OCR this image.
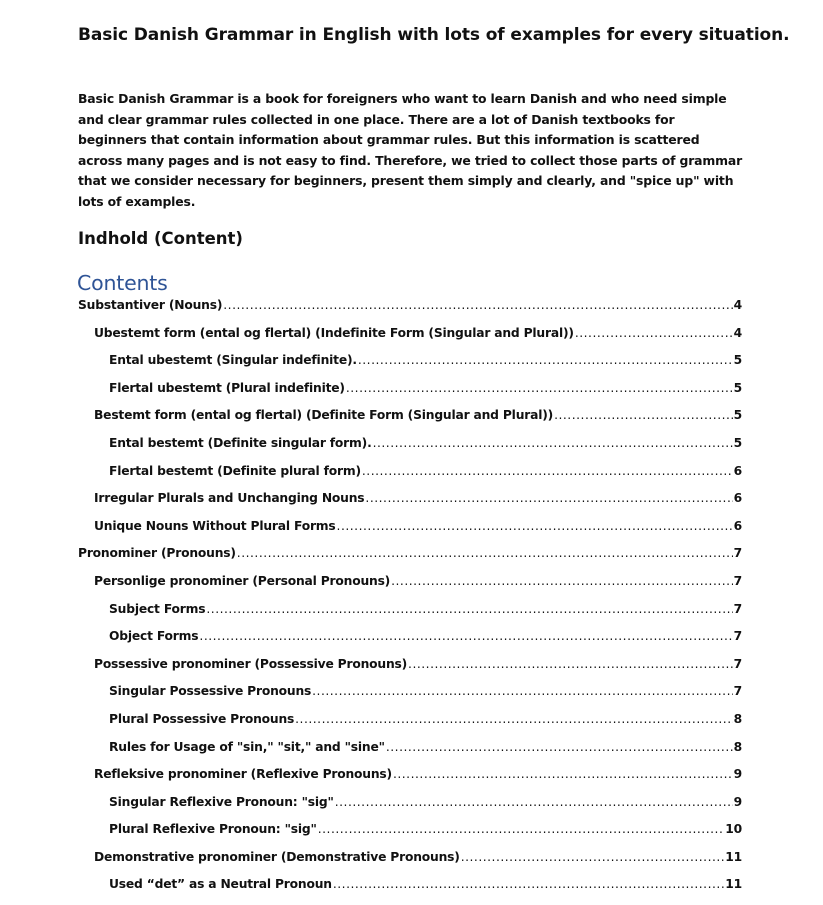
Basic Danish Grammar in English with lots of examples for every situation.
Basic Danish Grammar is a book for foreigners who want to learn Danish and who need simple and clear grammar rules collected in one place. There are a lot of Danish textbooks for beginners that contain information about grammar rules. But this information is scattered across many pages and is not easy to find. Therefore, we tried to collect those parts of grammar that we consider necessary for beginners, present them simply and clearly, and "spice up" with lots of examples.
Indhold (Content)
Contents
Substantiver (Nouns) .....	4
Ubestemt form (ental og flertal) (Indefinite Form (Singular and Plural)) .....	4
Ental ubestemt (Singular indefinite). .....	5
Flertal ubestemt (Plural indefinite) .....	5
Bestemt form (ental og flertal) (Definite Form (Singular and Plural)) .....	5
Ental bestemt (Definite singular form). .....	5
Flertal bestemt (Definite plural form) .....	6
Irregular Plurals and Unchanging Nouns .....	6
Unique Nouns Without Plural Forms .....	6
Pronominer (Pronouns) .....	7
Personlige pronominer (Personal Pronouns) .....	7
Subject Forms .....	7
Object Forms .....	7
Possessive pronominer (Possessive Pronouns) .....	7
Singular Possessive Pronouns .....	7
Plural Possessive Pronouns .....	8
Rules for Usage of "sin," "sit," and "sine" .....	8
Refleksive pronominer (Reflexive Pronouns) .....	9
Singular Reflexive Pronoun: "sig" .....	9
Plural Reflexive Pronoun: "sig" .....	10
Demonstrative pronominer (Demonstrative Pronouns) .....	11
Used “det” as a Neutral Pronoun .....	11
